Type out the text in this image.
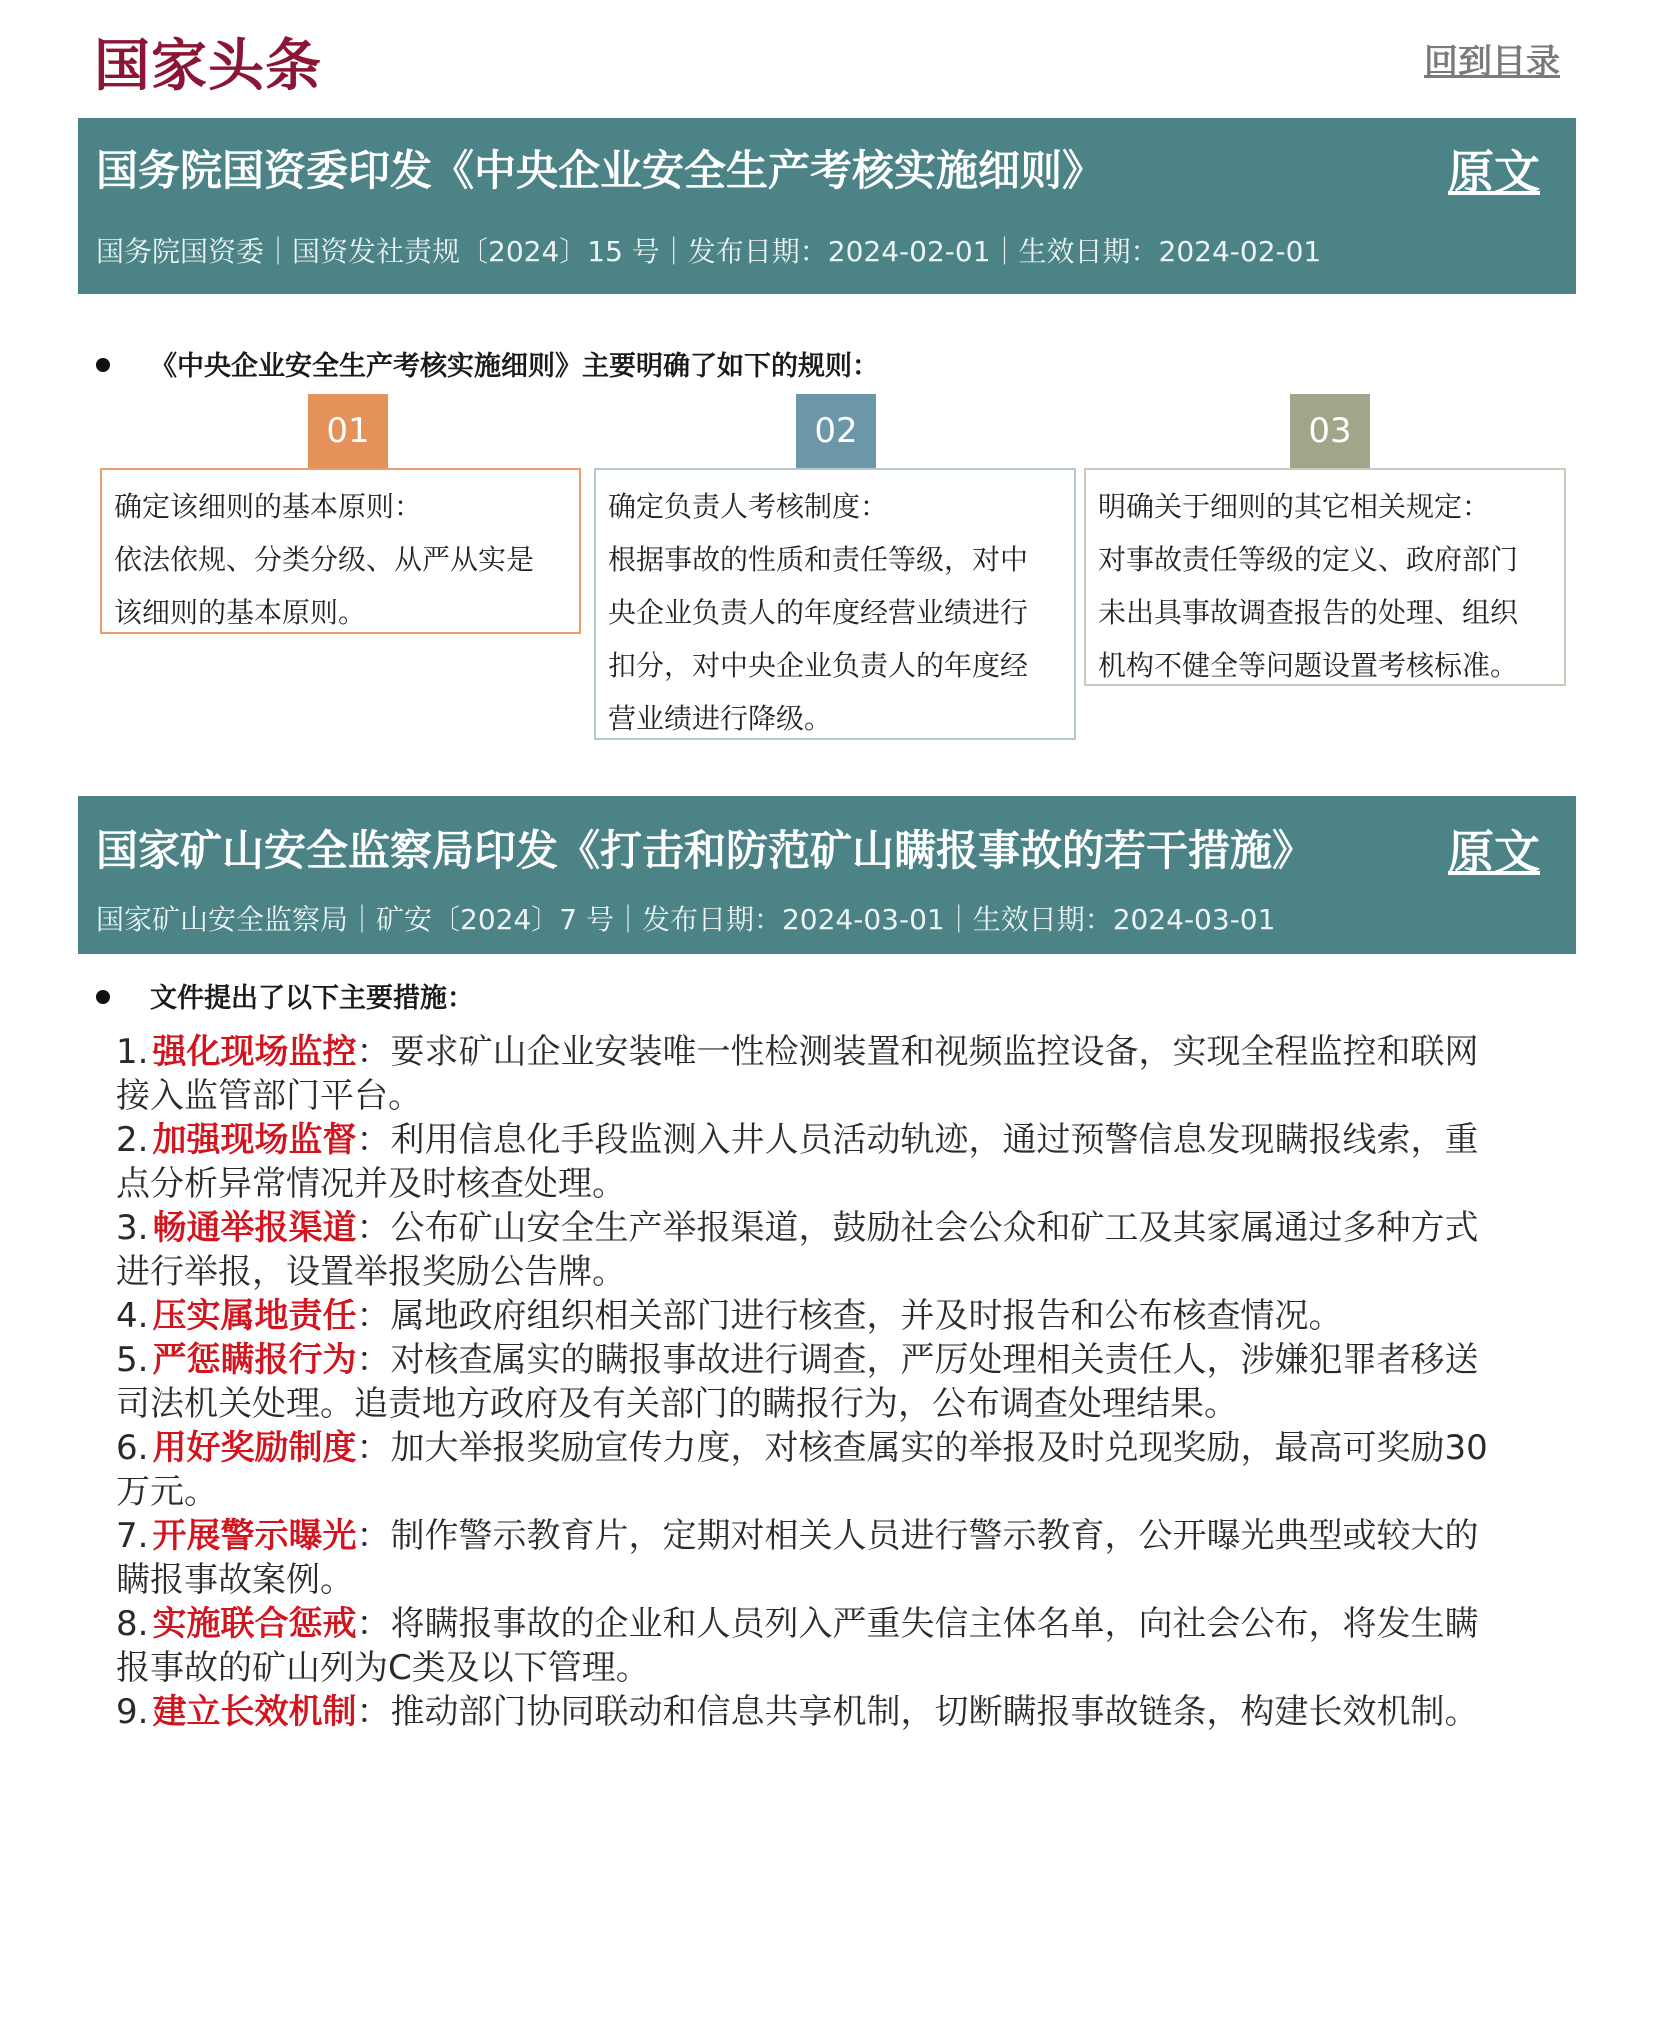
国家头条	回到目录
国务院国资委印发《中央企业安全生产考核实施细则》	原文
国务院国资委｜国资发社责规〔2024〕15 号｜发布日期：2024-02-01｜生效日期：2024-02-01
《中央企业安全生产考核实施细则》主要明确了如下的规则：
01

确定该细则的基本原则：

依法依规、分类分级、从严从实是

该细则的基本原则。

02

确定负责人考核制度：

根据事故的性质和责任等级，对中

央企业负责人的年度经营业绩进行

扣分，对中央企业负责人的年度经

营业绩进行降级。

03

明确关于细则的其它相关规定：

对事故责任等级的定义、政府部门

未出具事故调查报告的处理、组织

机构不健全等问题设置考核标准。

国家矿山安全监察局印发《打击和防范矿山瞒报事故的若干措施》	原文
国家矿山安全监察局｜矿安〔2024〕7 号｜发布日期：2024-03-01｜生效日期：2024-03-01
文件提出了以下主要措施：
1. 强化现场监控：要求矿山企业安装唯一性检测装置和视频监控设备，实现全程监控和联网接入监管部门平台。
2. 加强现场监督：利用信息化手段监测入井人员活动轨迹，通过预警信息发现瞒报线索，重点分析异常情况并及时核查处理。
3. 畅通举报渠道：公布矿山安全生产举报渠道，鼓励社会公众和矿工及其家属通过多种方式进行举报，设置举报奖励公告牌。
4. 压实属地责任：属地政府组织相关部门进行核查，并及时报告和公布核查情况。
5. 严惩瞒报行为：对核查属实的瞒报事故进行调查，严厉处理相关责任人，涉嫌犯罪者移送司法机关处理。追责地方政府及有关部门的瞒报行为，公布调查处理结果。
6. 用好奖励制度：加大举报奖励宣传力度，对核查属实的举报及时兑现奖励，最高可奖励30万元。
7. 开展警示曝光：制作警示教育片，定期对相关人员进行警示教育，公开曝光典型或较大的瞒报事故案例。
8. 实施联合惩戒：将瞒报事故的企业和人员列入严重失信主体名单，向社会公布，将发生瞒报事故的矿山列为C类及以下管理。
9. 建立长效机制：推动部门协同联动和信息共享机制，切断瞒报事故链条，构建长效机制。
